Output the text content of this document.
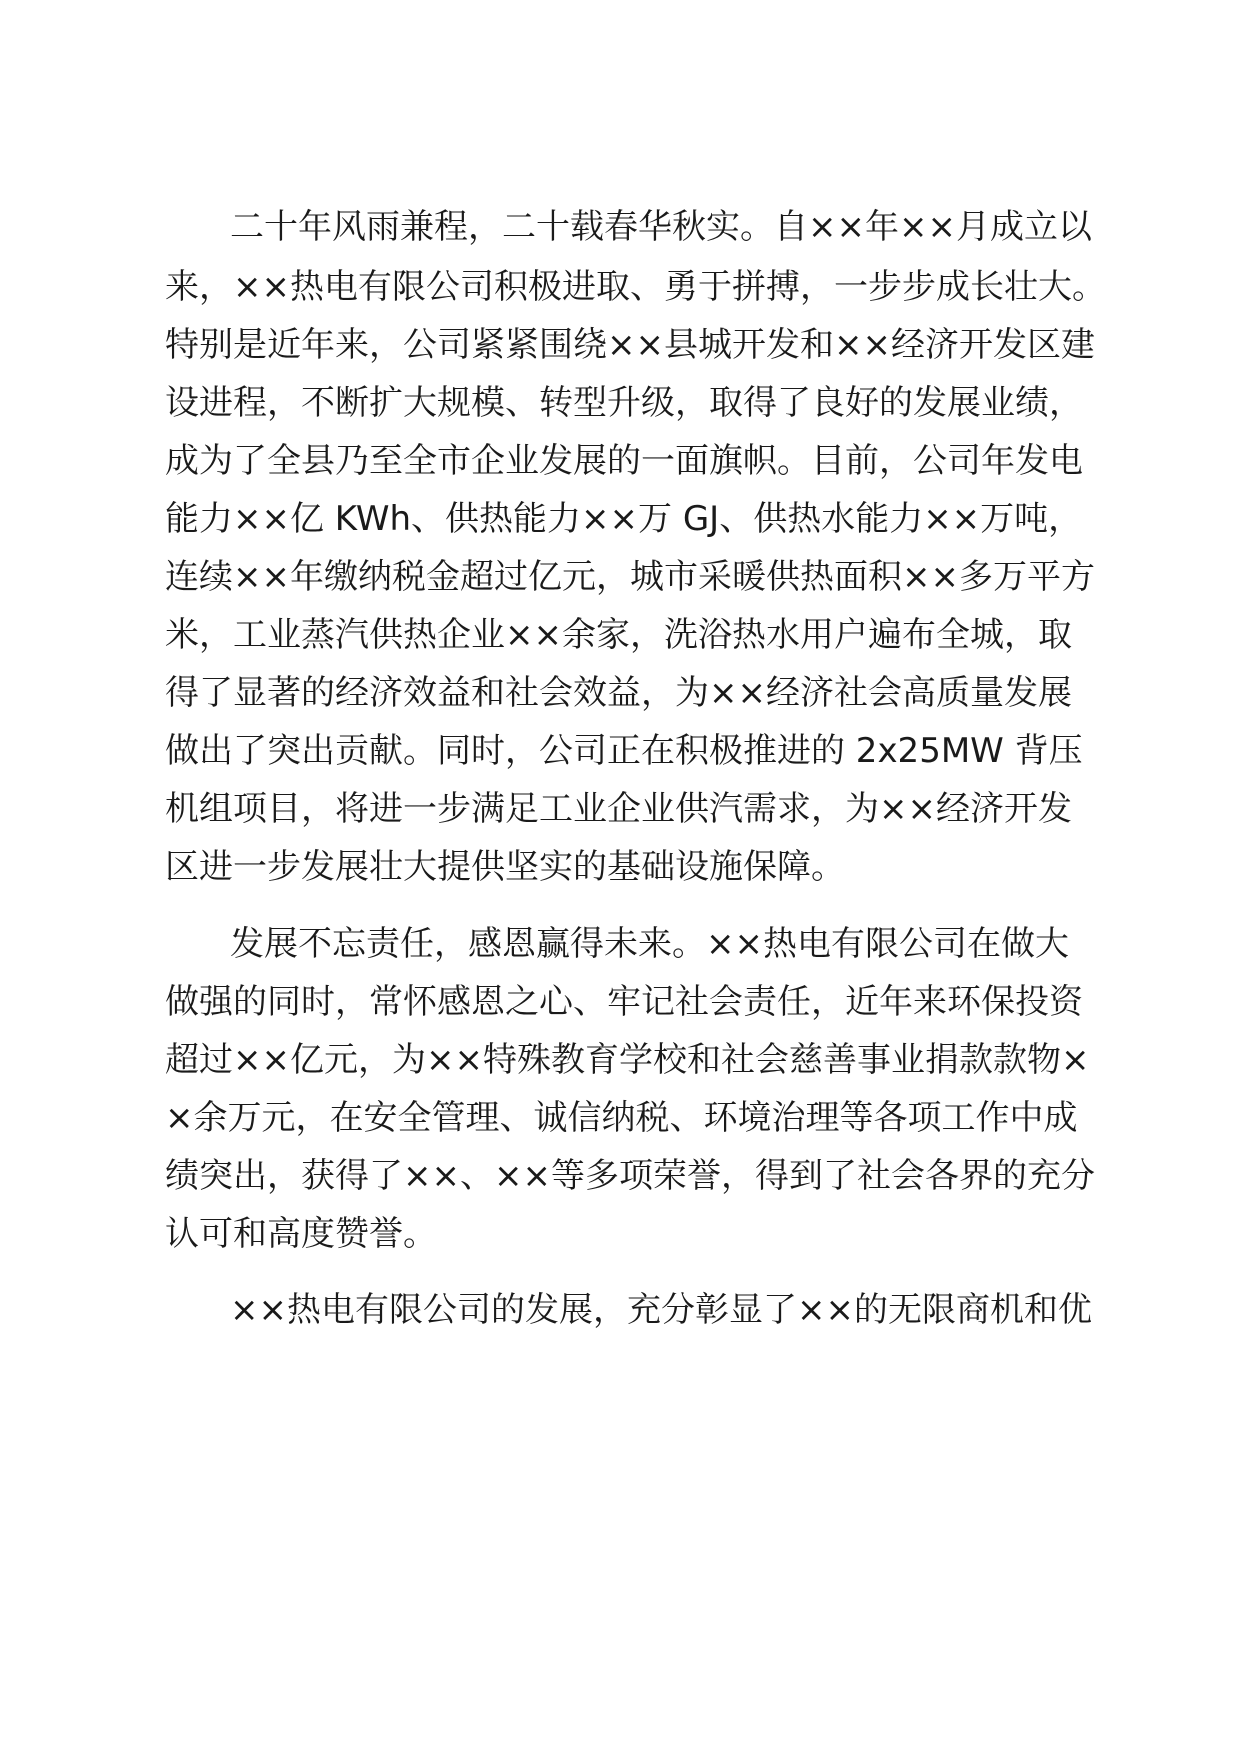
二十年风雨兼程，二十载春华秋实。自××年××月成立以
来，××热电有限公司积极进取、勇于拼搏，一步步成长壮大。
特别是近年来，公司紧紧围绕××县城开发和××经济开发区建
设进程，不断扩大规模、转型升级，取得了良好的发展业绩，
成为了全县乃至全市企业发展的一面旗帜。目前，公司年发电
能力××亿 KWh、供热能力××万 GJ、供热水能力××万吨，
连续××年缴纳税金超过亿元，城市采暖供热面积××多万平方
米，工业蒸汽供热企业××余家，洗浴热水用户遍布全城，取
得了显著的经济效益和社会效益，为××经济社会高质量发展
做出了突出贡献。同时，公司正在积极推进的 2x25MW 背压
机组项目，将进一步满足工业企业供汽需求，为××经济开发
区进一步发展壮大提供坚实的基础设施保障。
发展不忘责任，感恩赢得未来。××热电有限公司在做大
做强的同时，常怀感恩之心、牢记社会责任，近年来环保投资
超过××亿元，为××特殊教育学校和社会慈善事业捐款款物×
×余万元，在安全管理、诚信纳税、环境治理等各项工作中成
绩突出，获得了××、××等多项荣誉，得到了社会各界的充分
认可和高度赞誉。
××热电有限公司的发展，充分彰显了××的无限商机和优
